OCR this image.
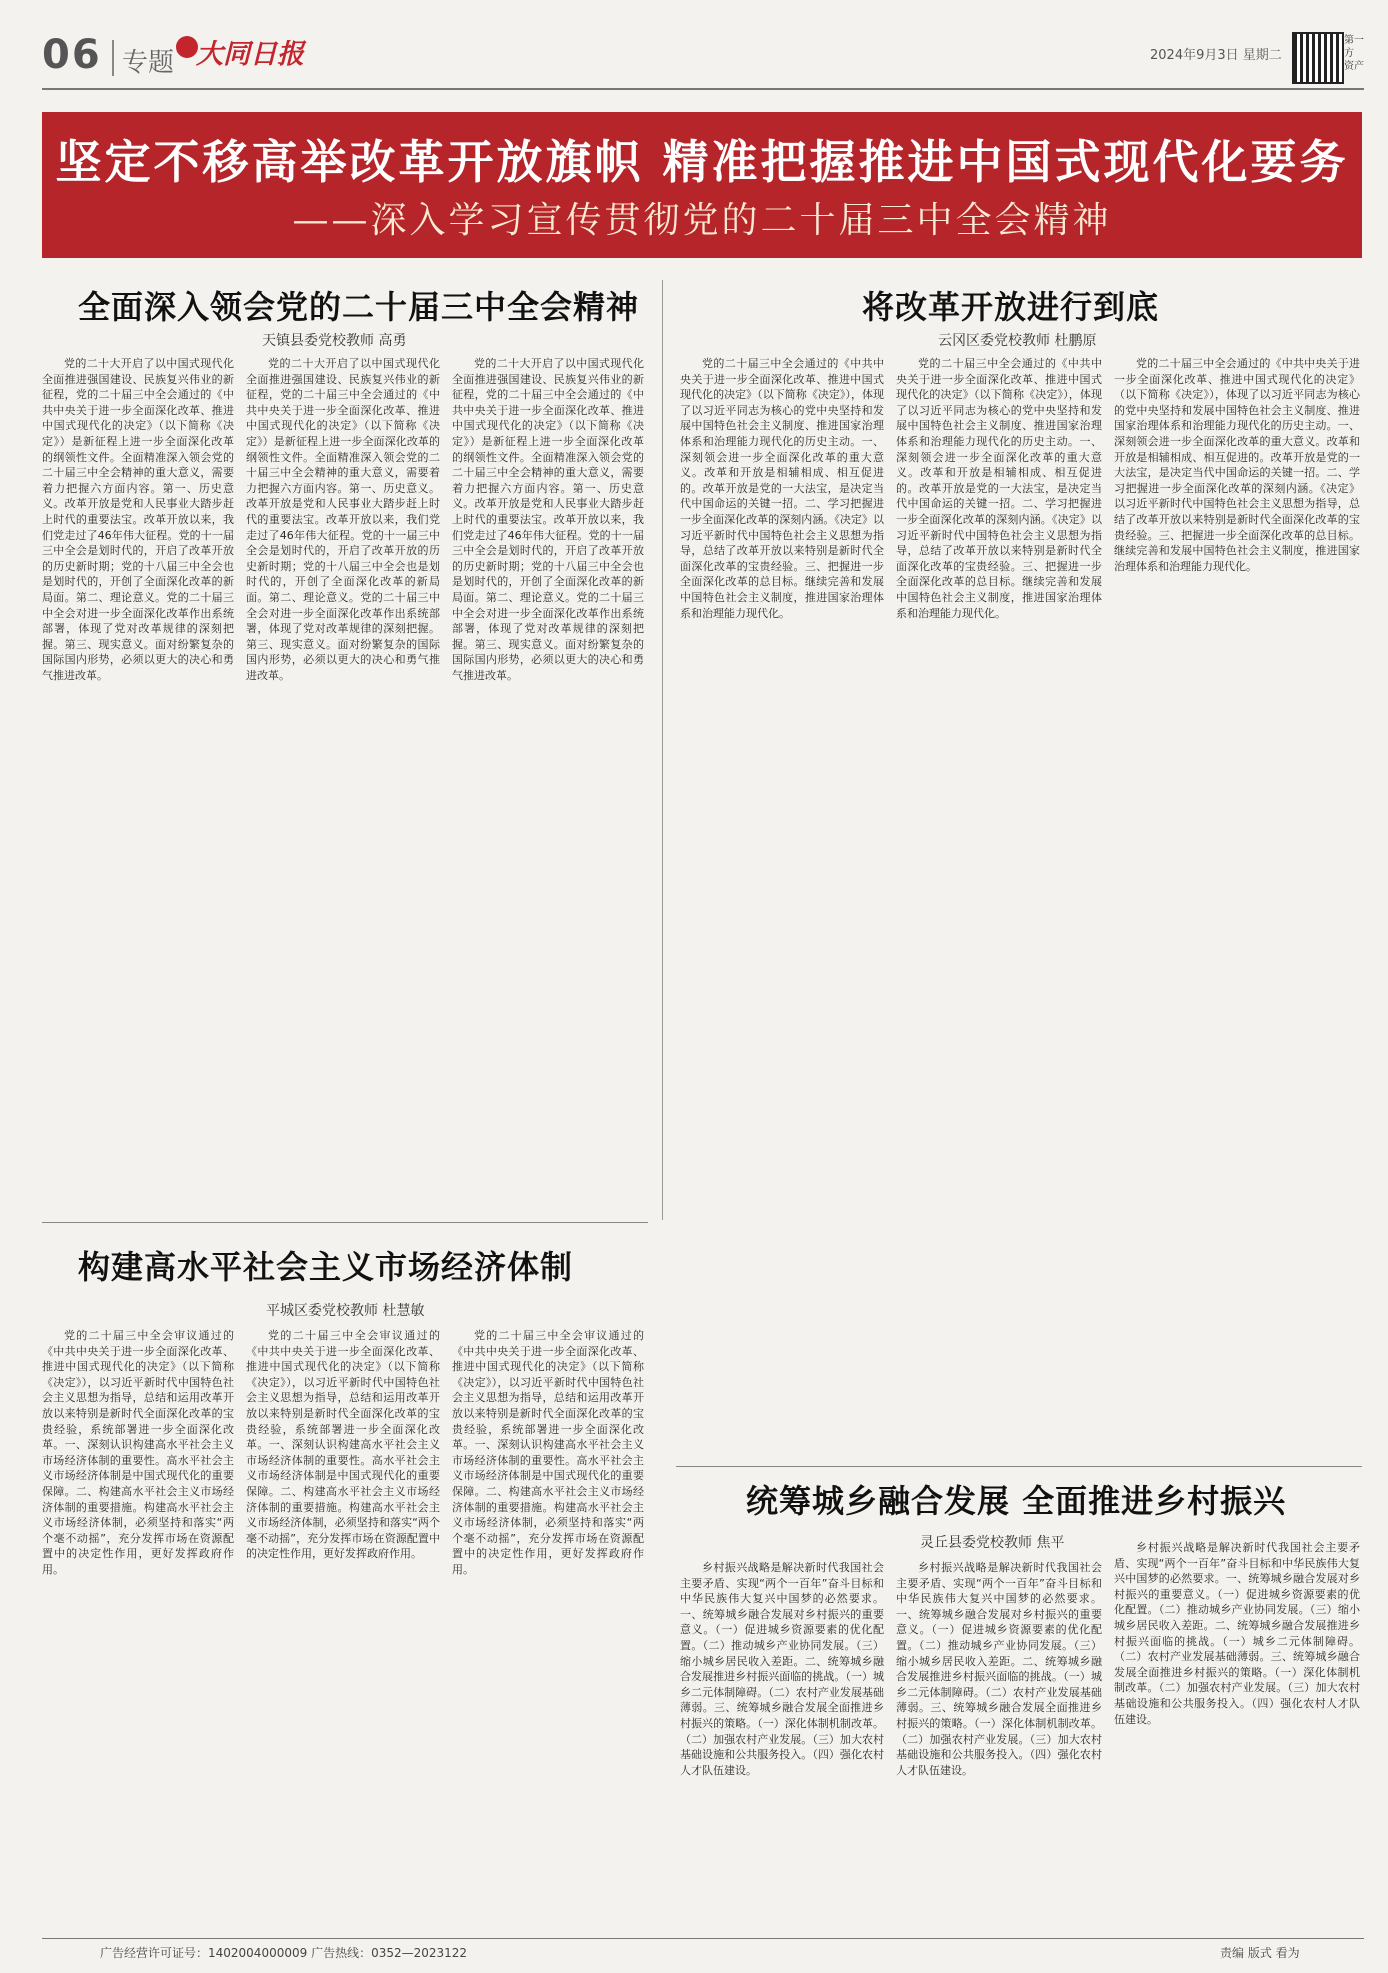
06 专题 大同日报	2024年9月3日 星期二
第一方 资产
坚定不移高举改革开放旗帜 精准把握推进中国式现代化要务
——深入学习宣传贯彻党的二十届三中全会精神
全面深入领会党的二十届三中全会精神
天镇县委党校教师 高勇

党的二十大开启了以中国式现代化全面推进强国建设、民族复兴伟业的新征程，党的二十届三中全会通过的《中共中央关于进一步全面深化改革、推进中国式现代化的决定》（以下简称《决定》）是新征程上进一步全面深化改革的纲领性文件。全面精准深入领会党的二十届三中全会精神的重大意义，需要着力把握六方面内容。第一、历史意义。改革开放是党和人民事业大踏步赶上时代的重要法宝。改革开放以来，我们党走过了46年伟大征程。党的十一届三中全会是划时代的，开启了改革开放的历史新时期；党的十八届三中全会也是划时代的，开创了全面深化改革的新局面。第二、理论意义。党的二十届三中全会对进一步全面深化改革作出系统部署，体现了党对改革规律的深刻把握。第三、现实意义。面对纷繁复杂的国际国内形势，必须以更大的决心和勇气推进改革。

党的二十大开启了以中国式现代化全面推进强国建设、民族复兴伟业的新征程，党的二十届三中全会通过的《中共中央关于进一步全面深化改革、推进中国式现代化的决定》（以下简称《决定》）是新征程上进一步全面深化改革的纲领性文件。全面精准深入领会党的二十届三中全会精神的重大意义，需要着力把握六方面内容。第一、历史意义。改革开放是党和人民事业大踏步赶上时代的重要法宝。改革开放以来，我们党走过了46年伟大征程。党的十一届三中全会是划时代的，开启了改革开放的历史新时期；党的十八届三中全会也是划时代的，开创了全面深化改革的新局面。第二、理论意义。党的二十届三中全会对进一步全面深化改革作出系统部署，体现了党对改革规律的深刻把握。第三、现实意义。面对纷繁复杂的国际国内形势，必须以更大的决心和勇气推进改革。

党的二十大开启了以中国式现代化全面推进强国建设、民族复兴伟业的新征程，党的二十届三中全会通过的《中共中央关于进一步全面深化改革、推进中国式现代化的决定》（以下简称《决定》）是新征程上进一步全面深化改革的纲领性文件。全面精准深入领会党的二十届三中全会精神的重大意义，需要着力把握六方面内容。第一、历史意义。改革开放是党和人民事业大踏步赶上时代的重要法宝。改革开放以来，我们党走过了46年伟大征程。党的十一届三中全会是划时代的，开启了改革开放的历史新时期；党的十八届三中全会也是划时代的，开创了全面深化改革的新局面。第二、理论意义。党的二十届三中全会对进一步全面深化改革作出系统部署，体现了党对改革规律的深刻把握。第三、现实意义。面对纷繁复杂的国际国内形势，必须以更大的决心和勇气推进改革。

将改革开放进行到底
云冈区委党校教师 杜鹏原

党的二十届三中全会通过的《中共中央关于进一步全面深化改革、推进中国式现代化的决定》（以下简称《决定》），体现了以习近平同志为核心的党中央坚持和发展中国特色社会主义制度、推进国家治理体系和治理能力现代化的历史主动。一、深刻领会进一步全面深化改革的重大意义。改革和开放是相辅相成、相互促进的。改革开放是党的一大法宝，是决定当代中国命运的关键一招。二、学习把握进一步全面深化改革的深刻内涵。《决定》以习近平新时代中国特色社会主义思想为指导，总结了改革开放以来特别是新时代全面深化改革的宝贵经验。三、把握进一步全面深化改革的总目标。继续完善和发展中国特色社会主义制度，推进国家治理体系和治理能力现代化。

党的二十届三中全会通过的《中共中央关于进一步全面深化改革、推进中国式现代化的决定》（以下简称《决定》），体现了以习近平同志为核心的党中央坚持和发展中国特色社会主义制度、推进国家治理体系和治理能力现代化的历史主动。一、深刻领会进一步全面深化改革的重大意义。改革和开放是相辅相成、相互促进的。改革开放是党的一大法宝，是决定当代中国命运的关键一招。二、学习把握进一步全面深化改革的深刻内涵。《决定》以习近平新时代中国特色社会主义思想为指导，总结了改革开放以来特别是新时代全面深化改革的宝贵经验。三、把握进一步全面深化改革的总目标。继续完善和发展中国特色社会主义制度，推进国家治理体系和治理能力现代化。

党的二十届三中全会通过的《中共中央关于进一步全面深化改革、推进中国式现代化的决定》（以下简称《决定》），体现了以习近平同志为核心的党中央坚持和发展中国特色社会主义制度、推进国家治理体系和治理能力现代化的历史主动。一、深刻领会进一步全面深化改革的重大意义。改革和开放是相辅相成、相互促进的。改革开放是党的一大法宝，是决定当代中国命运的关键一招。二、学习把握进一步全面深化改革的深刻内涵。《决定》以习近平新时代中国特色社会主义思想为指导，总结了改革开放以来特别是新时代全面深化改革的宝贵经验。三、把握进一步全面深化改革的总目标。继续完善和发展中国特色社会主义制度，推进国家治理体系和治理能力现代化。

构建高水平社会主义市场经济体制
平城区委党校教师 杜慧敏

党的二十届三中全会审议通过的《中共中央关于进一步全面深化改革、推进中国式现代化的决定》（以下简称《决定》），以习近平新时代中国特色社会主义思想为指导，总结和运用改革开放以来特别是新时代全面深化改革的宝贵经验，系统部署进一步全面深化改革。一、深刻认识构建高水平社会主义市场经济体制的重要性。高水平社会主义市场经济体制是中国式现代化的重要保障。二、构建高水平社会主义市场经济体制的重要措施。构建高水平社会主义市场经济体制，必须坚持和落实“两个毫不动摇”，充分发挥市场在资源配置中的决定性作用，更好发挥政府作用。

党的二十届三中全会审议通过的《中共中央关于进一步全面深化改革、推进中国式现代化的决定》（以下简称《决定》），以习近平新时代中国特色社会主义思想为指导，总结和运用改革开放以来特别是新时代全面深化改革的宝贵经验，系统部署进一步全面深化改革。一、深刻认识构建高水平社会主义市场经济体制的重要性。高水平社会主义市场经济体制是中国式现代化的重要保障。二、构建高水平社会主义市场经济体制的重要措施。构建高水平社会主义市场经济体制，必须坚持和落实“两个毫不动摇”，充分发挥市场在资源配置中的决定性作用，更好发挥政府作用。

党的二十届三中全会审议通过的《中共中央关于进一步全面深化改革、推进中国式现代化的决定》（以下简称《决定》），以习近平新时代中国特色社会主义思想为指导，总结和运用改革开放以来特别是新时代全面深化改革的宝贵经验，系统部署进一步全面深化改革。一、深刻认识构建高水平社会主义市场经济体制的重要性。高水平社会主义市场经济体制是中国式现代化的重要保障。二、构建高水平社会主义市场经济体制的重要措施。构建高水平社会主义市场经济体制，必须坚持和落实“两个毫不动摇”，充分发挥市场在资源配置中的决定性作用，更好发挥政府作用。

统筹城乡融合发展 全面推进乡村振兴
灵丘县委党校教师 焦平

乡村振兴战略是解决新时代我国社会主要矛盾、实现“两个一百年”奋斗目标和中华民族伟大复兴中国梦的必然要求。一、统筹城乡融合发展对乡村振兴的重要意义。（一）促进城乡资源要素的优化配置。（二）推动城乡产业协同发展。（三）缩小城乡居民收入差距。二、统筹城乡融合发展推进乡村振兴面临的挑战。（一）城乡二元体制障碍。（二）农村产业发展基础薄弱。三、统筹城乡融合发展全面推进乡村振兴的策略。（一）深化体制机制改革。（二）加强农村产业发展。（三）加大农村基础设施和公共服务投入。（四）强化农村人才队伍建设。

乡村振兴战略是解决新时代我国社会主要矛盾、实现“两个一百年”奋斗目标和中华民族伟大复兴中国梦的必然要求。一、统筹城乡融合发展对乡村振兴的重要意义。（一）促进城乡资源要素的优化配置。（二）推动城乡产业协同发展。（三）缩小城乡居民收入差距。二、统筹城乡融合发展推进乡村振兴面临的挑战。（一）城乡二元体制障碍。（二）农村产业发展基础薄弱。三、统筹城乡融合发展全面推进乡村振兴的策略。（一）深化体制机制改革。（二）加强农村产业发展。（三）加大农村基础设施和公共服务投入。（四）强化农村人才队伍建设。

乡村振兴战略是解决新时代我国社会主要矛盾、实现“两个一百年”奋斗目标和中华民族伟大复兴中国梦的必然要求。一、统筹城乡融合发展对乡村振兴的重要意义。（一）促进城乡资源要素的优化配置。（二）推动城乡产业协同发展。（三）缩小城乡居民收入差距。二、统筹城乡融合发展推进乡村振兴面临的挑战。（一）城乡二元体制障碍。（二）农村产业发展基础薄弱。三、统筹城乡融合发展全面推进乡村振兴的策略。（一）深化体制机制改革。（二）加强农村产业发展。（三）加大农村基础设施和公共服务投入。（四）强化农村人才队伍建设。

广告经营许可证号：1402004000009 广告热线：0352—2023122	责编 版式 看为
